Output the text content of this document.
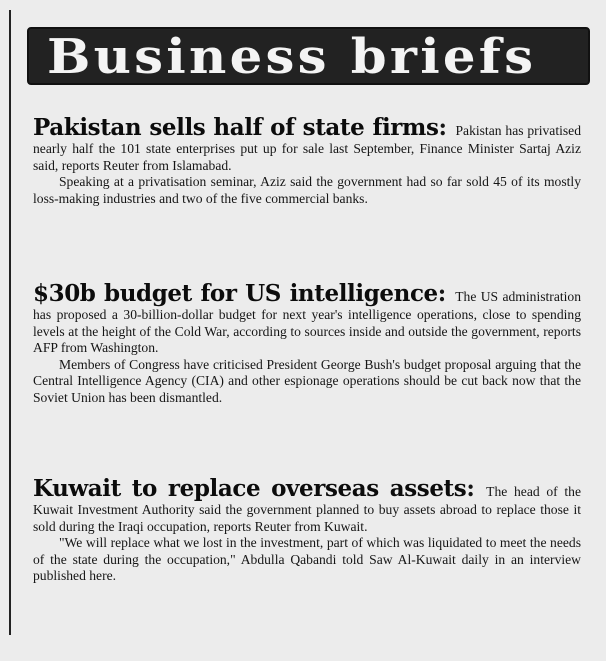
Business briefs

Pakistan sells half of state firms: Pakistan has privatised nearly half the 101 state enterprises put up for sale last September, Finance Minister Sartaj Aziz said, reports Reuter from Islamabad.

Speaking at a privatisation seminar, Aziz said the government had so far sold 45 of its mostly loss-making industries and two of the five commercial banks.

$30b budget for US intelligence: The US administration has proposed a 30-billion-dollar budget for next year's intelligence operations, close to spending levels at the height of the Cold War, according to sources inside and outside the government, reports AFP from Washington.

Members of Congress have criticised President George Bush's budget proposal arguing that the Central Intelligence Agency (CIA) and other espionage operations should be cut back now that the Soviet Union has been dismantled.

Kuwait to replace overseas assets: The head of the Kuwait Investment Authority said the government planned to buy assets abroad to replace those it sold during the Iraqi occupation, reports Reuter from Kuwait.

"We will replace what we lost in the investment, part of which was liquidated to meet the needs of the state during the occupation," Abdulla Qabandi told Saw Al-Kuwait daily in an interview published here.
